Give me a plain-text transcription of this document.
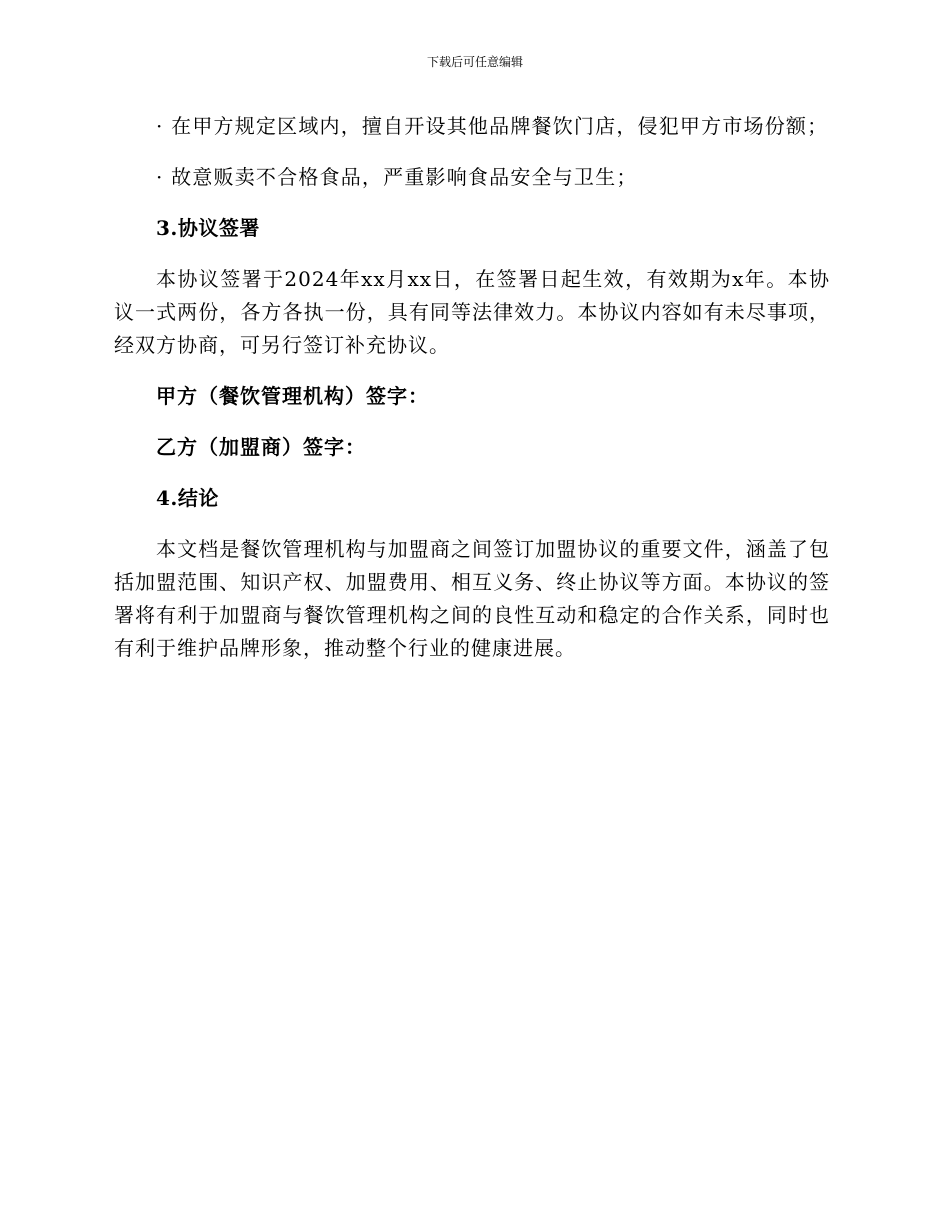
下载后可任意编辑

· 在甲方规定区域内，擅自开设其他品牌餐饮门店，侵犯甲方市场份额；

· 故意贩卖不合格食品，严重影响食品安全与卫生；

3.协议签署

本协议签署于2024年xx月xx日，在签署日起生效，有效期为x年。本协议一式两份，各方各执一份，具有同等法律效力。本协议内容如有未尽事项，经双方协商，可另行签订补充协议。

甲方（餐饮管理机构）签字：

乙方（加盟商）签字：

4.结论

本文档是餐饮管理机构与加盟商之间签订加盟协议的重要文件，涵盖了包括加盟范围、知识产权、加盟费用、相互义务、终止协议等方面。本协议的签署将有利于加盟商与餐饮管理机构之间的良性互动和稳定的合作关系，同时也有利于维护品牌形象，推动整个行业的健康进展。
